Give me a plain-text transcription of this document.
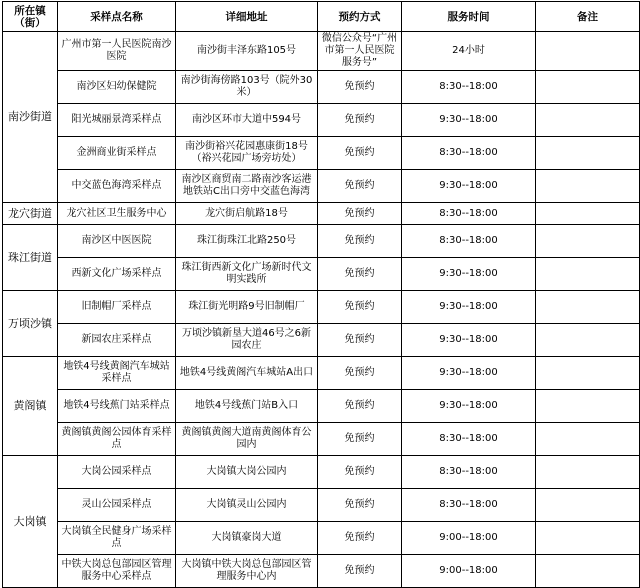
所在镇（街）	采样点名称	详细地址	预约方式	服务时间	备注
南沙街道	广州市第一人民医院南沙医院	南沙街丰泽东路105号	微信公众号“广州市第一人民医院服务号”	24小时	
	南沙区妇幼保健院	南沙街海傍路103号（院外30米）	免预约	8:30--18:00	
	阳光城丽景湾采样点	南沙区环市大道中594号	免预约	9:30--18:00	
	金洲商业街采样点	南沙街裕兴花园惠康街18号（裕兴花园广场旁坊处）	免预约	8:30--18:00	
	中交蓝色海湾采样点	南沙区商贸南二路南沙客运港地铁站C出口旁中交蓝色海湾	免预约	9:30--18:00	
龙穴街道	龙穴社区卫生服务中心	龙穴街启航路18号	免预约	8:30--18:00	
珠江街道	南沙区中医医院	珠江街珠江北路250号	免预约	8:30--18:00	
	西新文化广场采样点	珠江街西新文化广场新时代文明实践所	免预约	9:30--18:00	
万顷沙镇	旧制帽厂采样点	珠江街光明路9号旧制帽厂	免预约	9:30--18:00	
	新园农庄采样点	万顷沙镇新垦大道46号之6新园农庄	免预约	9:30--18:00	
黄阁镇	地铁4号线黄阁汽车城站采样点	地铁4号线黄阁汽车城站A出口	免预约	9:30--18:00	
	地铁4号线蕉门站采样点	地铁4号线蕉门站B入口	免预约	9:30--18:00	
	黄阁镇黄阁公园体育采样点	黄阁镇黄阁大道南黄阁体育公园内	免预约	8:30--18:00	
大岗镇	大岗公园采样点	大岗镇大岗公园内	免预约	8:30--18:00	
	灵山公园采样点	大岗镇灵山公园内	免预约	8:30--18:00	
	大岗镇全民健身广场采样点	大岗镇豪岗大道	免预约	9:00--18:00	
	中铁大岗总包部园区管理服务中心采样点	大岗镇中铁大岗总包部园区管理服务中心内	免预约	9:00--18:00	
